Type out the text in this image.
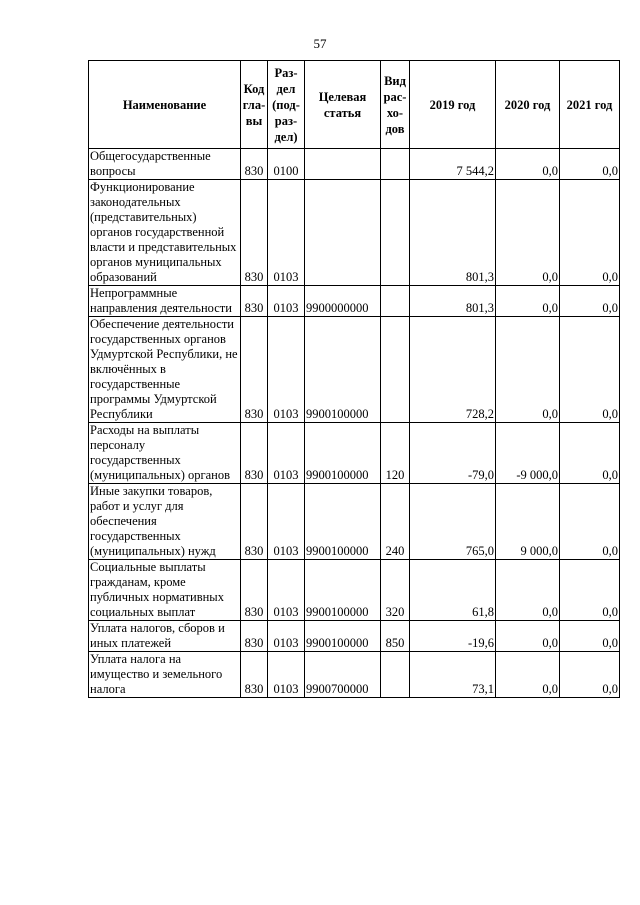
57
Наименование	Код гла- вы	Раз- дел (под- раз- дел)	Целевая статья	Вид рас- хо- дов	2019 год	2020 год	2021 год
Общегосударственные вопросы	830	0100			7 544,2	0,0	0,0
Функционирование законодательных (представительных) органов государственной власти и представительных органов муниципальных образований	830	0103			801,3	0,0	0,0
Непрограммные направления деятельности	830	0103	9900000000		801,3	0,0	0,0
Обеспечение деятельности государственных органов Удмуртской Республики, не включённых в государственные программы Удмуртской Республики	830	0103	9900100000		728,2	0,0	0,0
Расходы на выплаты персоналу государственных (муниципальных) органов	830	0103	9900100000	120	-79,0	-9 000,0	0,0
Иные закупки товаров, работ и услуг для обеспечения государственных (муниципальных) нужд	830	0103	9900100000	240	765,0	9 000,0	0,0
Социальные выплаты гражданам, кроме публичных нормативных социальных выплат	830	0103	9900100000	320	61,8	0,0	0,0
Уплата налогов, сборов и иных платежей	830	0103	9900100000	850	-19,6	0,0	0,0
Уплата налога на имущество и земельного налога	830	0103	9900700000		73,1	0,0	0,0
